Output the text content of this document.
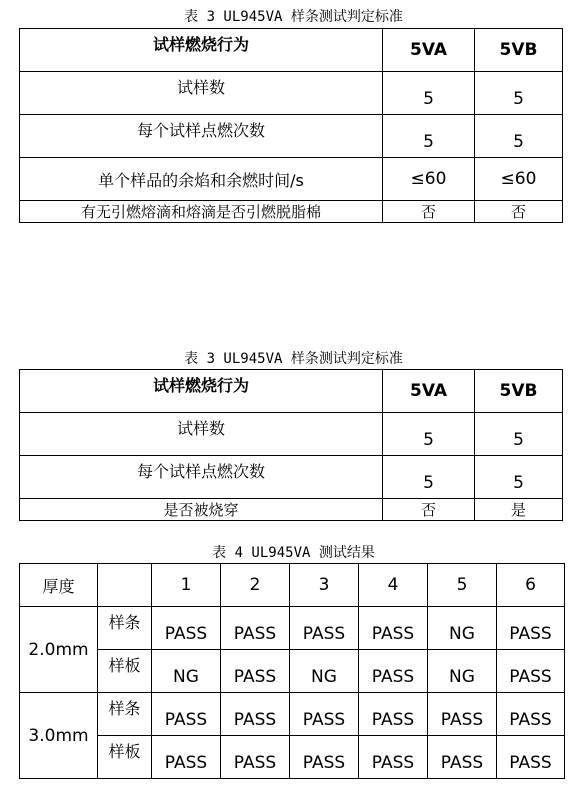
表 3 UL945VA 样条测试判定标准
试样燃烧行为	5VA	5VB
试样数	5	5
每个试样点燃次数	5	5
单个样品的余焰和余燃时间/s	≤60	≤60
有无引燃熔滴和熔滴是否引燃脱脂棉	否	否
表 3 UL945VA 样条测试判定标准
试样燃烧行为	5VA	5VB
试样数	5	5
每个试样点燃次数	5	5
是否被烧穿	否	是
表 4 UL945VA 测试结果
厚度		1	2	3	4	5	6
2.0mm	样条	PASS	PASS	PASS	PASS	NG	PASS
	样板	NG	PASS	NG	PASS	NG	PASS
3.0mm	样条	PASS	PASS	PASS	PASS	PASS	PASS
	样板	PASS	PASS	PASS	PASS	PASS	PASS
